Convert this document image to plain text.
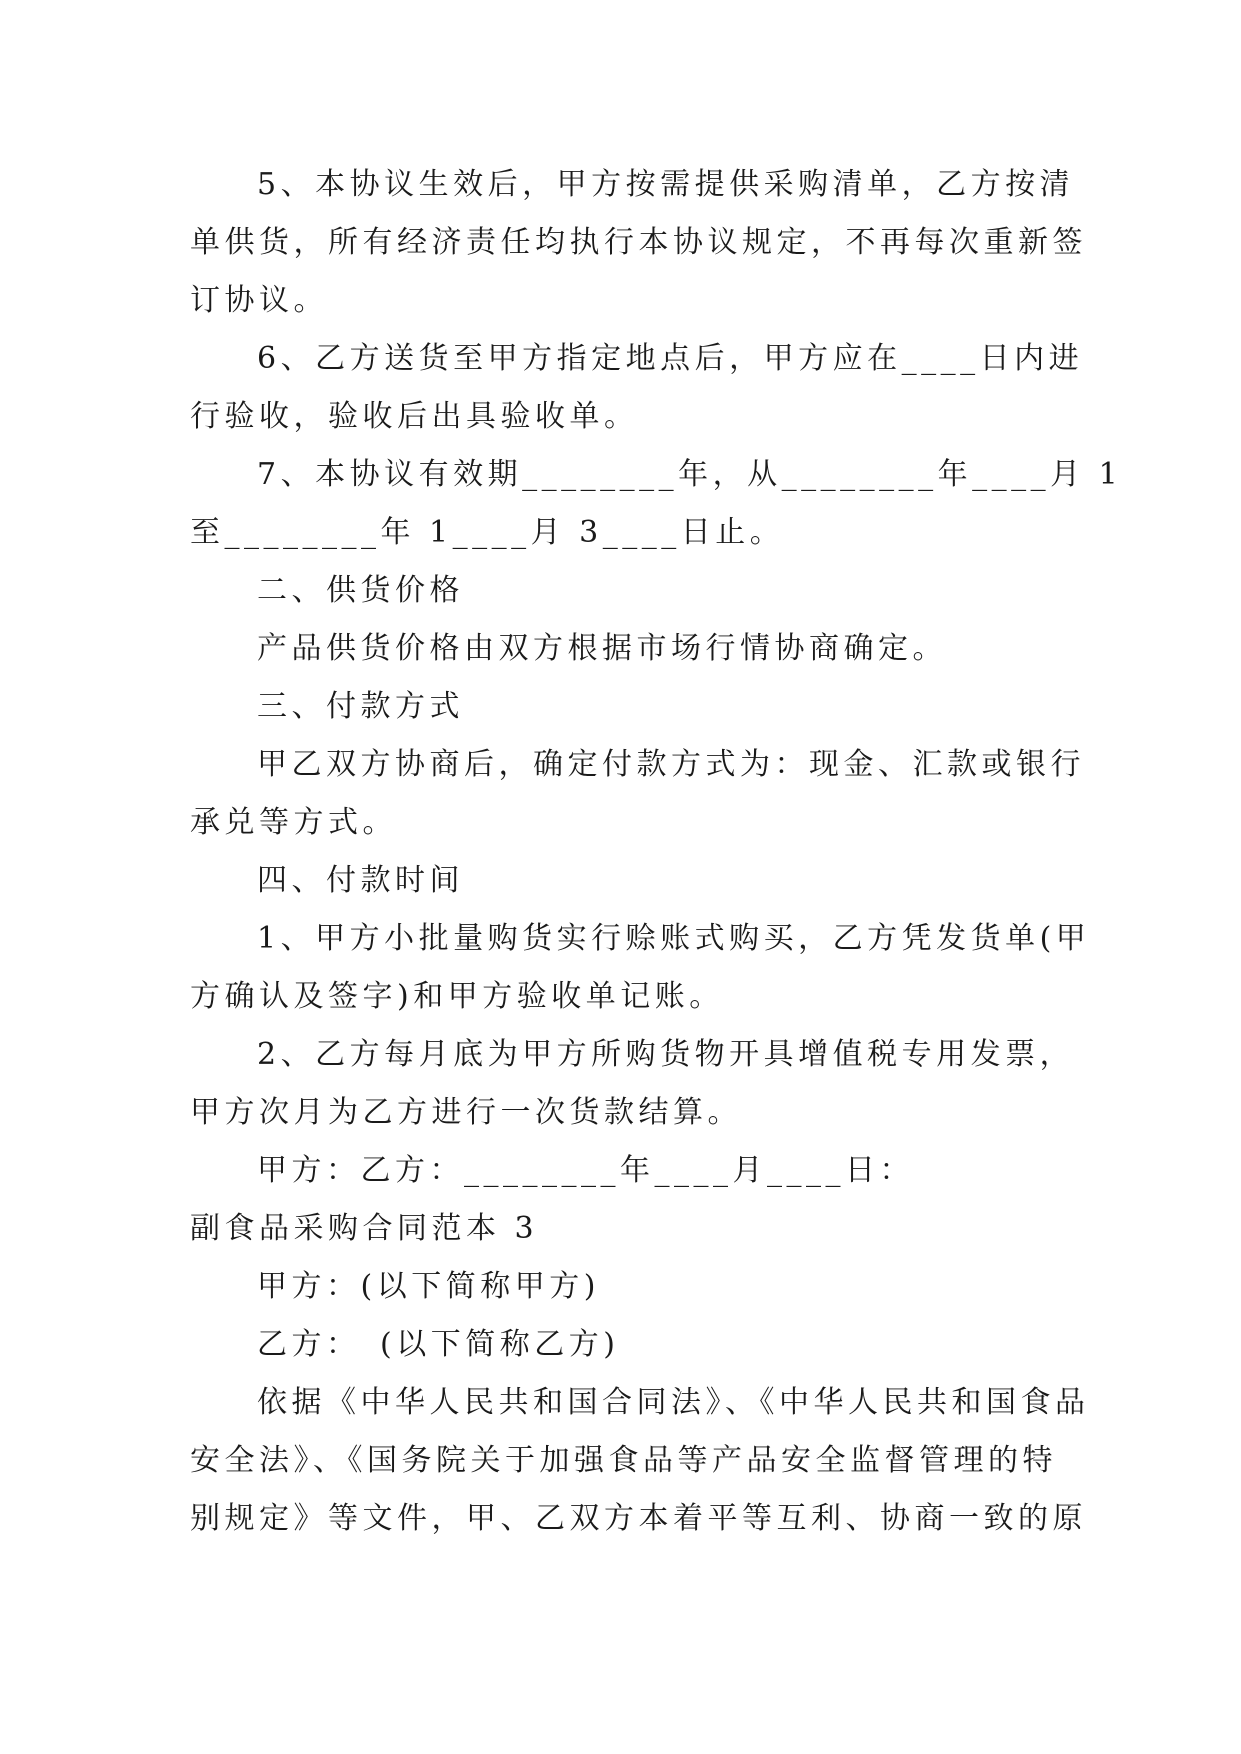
5、本协议生效后，甲方按需提供采购清单，乙方按清
单供货，所有经济责任均执行本协议规定，不再每次重新签
订协议。
6、乙方送货至甲方指定地点后，甲方应在____日内进
行验收，验收后出具验收单。
7、本协议有效期________年，从________年____月 1
至________年 1____月 3____日止。
二、供货价格
产品供货价格由双方根据市场行情协商确定。
三、付款方式
甲乙双方协商后，确定付款方式为：现金、汇款或银行
承兑等方式。
四、付款时间
1、甲方小批量购货实行赊账式购买，乙方凭发货单(甲
方确认及签字)和甲方验收单记账。
2、乙方每月底为甲方所购货物开具增值税专用发票，
甲方次月为乙方进行一次货款结算。
甲方：乙方：________年____月____日：
副食品采购合同范本 3
甲方：(以下简称甲方)
乙方：　(以下简称乙方)
依据《中华人民共和国合同法》、《中华人民共和国食品
安全法》、《国务院关于加强食品等产品安全监督管理的特
别规定》等文件，甲、乙双方本着平等互利、协商一致的原
